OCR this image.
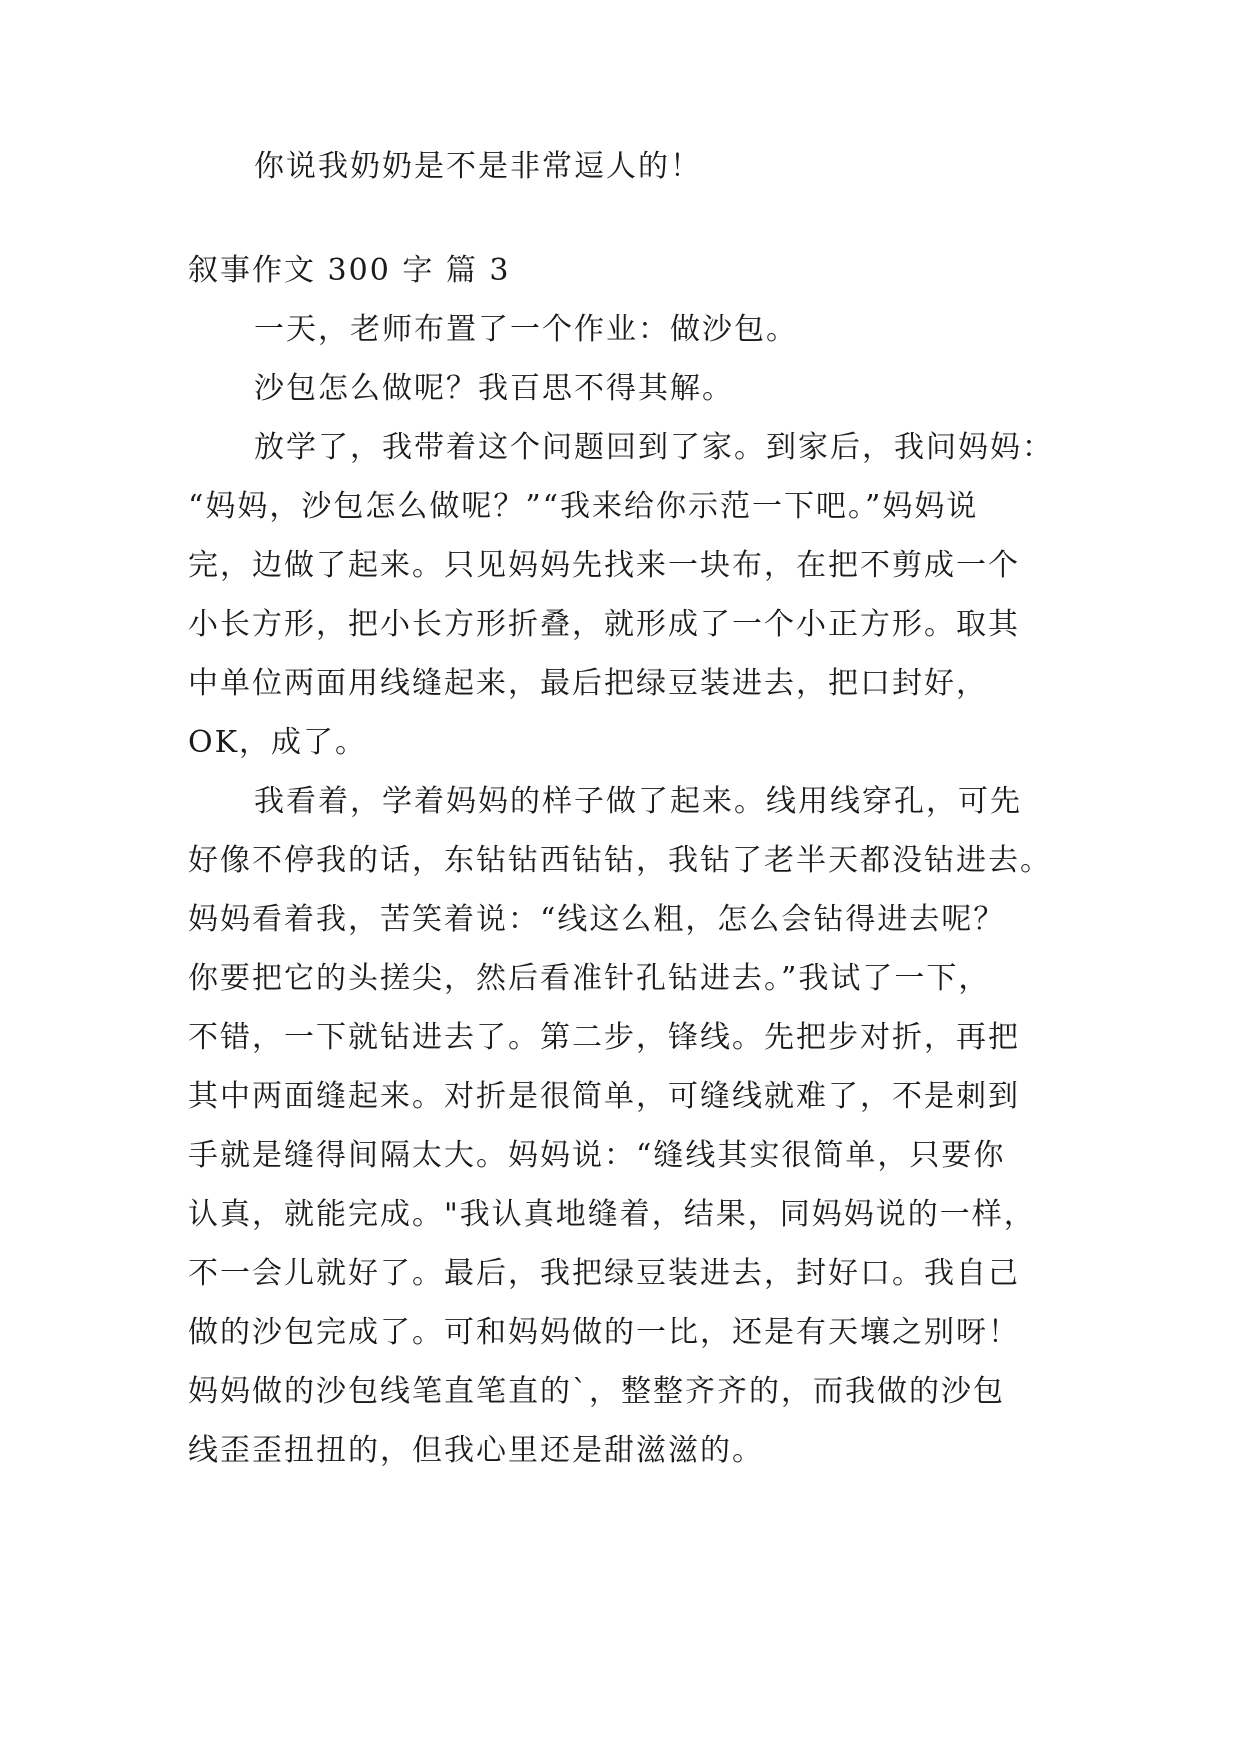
你说我奶奶是不是非常逗人的！

叙事作文 300 字 篇 3

一天，老师布置了一个作业：做沙包。

沙包怎么做呢？我百思不得其解。

放学了，我带着这个问题回到了家。到家后，我问妈妈：
“妈妈，沙包怎么做呢？”“我来给你示范一下吧。”妈妈说
完，边做了起来。只见妈妈先找来一块布，在把不剪成一个
小长方形，把小长方形折叠，就形成了一个小正方形。取其
中单位两面用线缝起来，最后把绿豆装进去，把口封好，
OK，成了。
我看着，学着妈妈的样子做了起来。线用线穿孔，可先
好像不停我的话，东钻钻西钻钻，我钻了老半天都没钻进去。
妈妈看着我，苦笑着说：“线这么粗，怎么会钻得进去呢？
你要把它的头搓尖，然后看准针孔钻进去。”我试了一下，
不错，一下就钻进去了。第二步，锋线。先把步对折，再把
其中两面缝起来。对折是很简单，可缝线就难了，不是刺到
手就是缝得间隔太大。妈妈说：“缝线其实很简单，只要你
认真，就能完成。"我认真地缝着，结果，同妈妈说的一样，
不一会儿就好了。最后，我把绿豆装进去，封好口。我自己
做的沙包完成了。可和妈妈做的一比，还是有天壤之别呀！
妈妈做的沙包线笔直笔直的`，整整齐齐的，而我做的沙包
线歪歪扭扭的，但我心里还是甜滋滋的。
